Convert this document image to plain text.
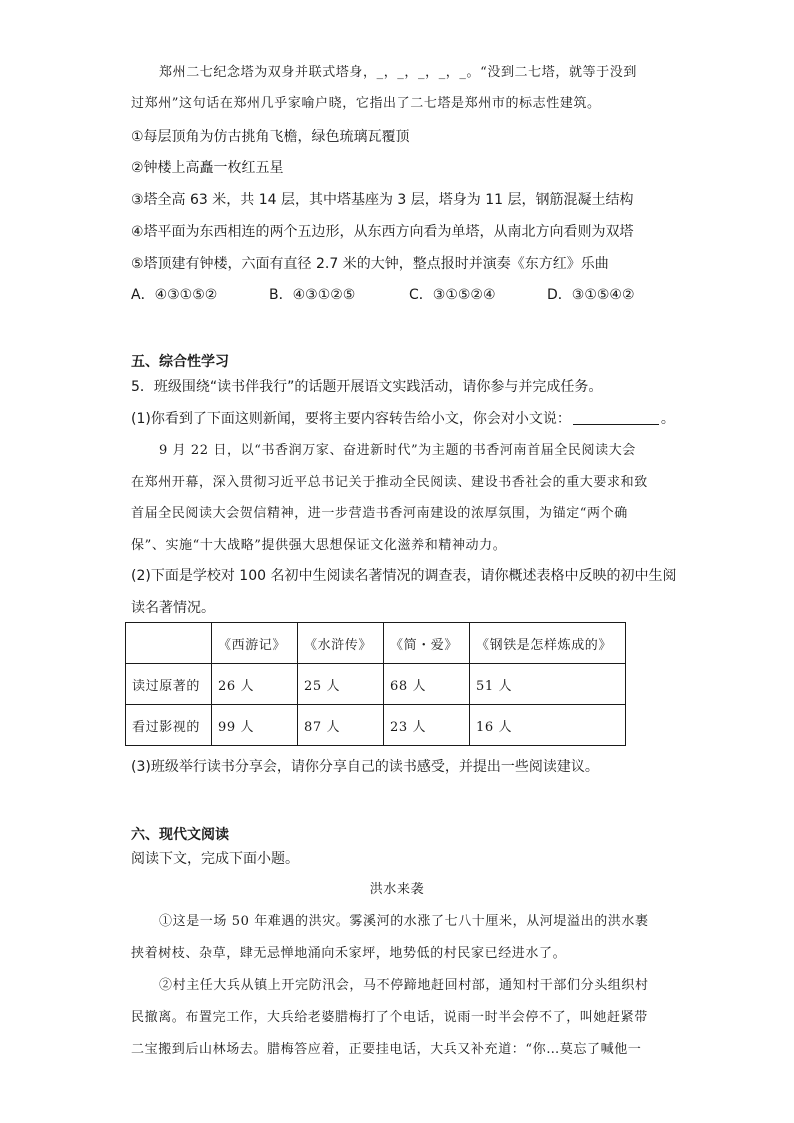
郑州二七纪念塔为双身并联式塔身，_，_，_，_，_。“没到二七塔，就等于没到
过郑州”这句话在郑州几乎家喻户晓，它指出了二七塔是郑州市的标志性建筑。
①每层顶角为仿古挑角飞檐，绿色琉璃瓦覆顶
②钟楼上高矗一枚红五星
③塔全高 63 米，共 14 层，其中塔基座为 3 层，塔身为 11 层，钢筋混凝土结构
④塔平面为东西相连的两个五边形，从东西方向看为单塔，从南北方向看则为双塔
⑤塔顶建有钟楼，六面有直径 2.7 米的大钟，整点报时并演奏《东方红》乐曲
A．④③①⑤②	B．④③①②⑤	C．③①⑤②④	D．③①⑤④②
五、综合性学习
5．班级围绕“读书伴我行”的话题开展语文实践活动，请你参与并完成任务。
(1)你看到了下面这则新闻，要将主要内容转告给小文，你会对小文说：	。
9 月 22 日，以“书香润万家、奋进新时代”为主题的书香河南首届全民阅读大会
在郑州开幕，深入贯彻习近平总书记关于推动全民阅读、建设书香社会的重大要求和致
首届全民阅读大会贺信精神，进一步营造书香河南建设的浓厚氛围，为锚定“两个确
保”、实施“十大战略”提供强大思想保证文化滋养和精神动力。
(2)下面是学校对 100 名初中生阅读名著情况的调查表，请你概述表格中反映的初中生阅
读名著情况。
	《西游记》	《水浒传》	《简・爱》	《钢铁是怎样炼成的》
读过原著的	26 人	25 人	68 人	51 人
看过影视的	99 人	87 人	23 人	16 人
(3)班级举行读书分享会，请你分享自己的读书感受，并提出一些阅读建议。
六、现代文阅读
阅读下文，完成下面小题。
洪水来袭
①这是一场 50 年难遇的洪灾。雾溪河的水涨了七八十厘米，从河堤溢出的洪水裹
挟着树枝、杂草，肆无忌惮地涌向禾家坪，地势低的村民家已经进水了。
②村主任大兵从镇上开完防汛会，马不停蹄地赶回村部，通知村干部们分头组织村
民撤离。布置完工作，大兵给老婆腊梅打了个电话，说雨一时半会停不了，叫她赶紧带
二宝搬到后山林场去。腊梅答应着，正要挂电话，大兵又补充道：“你…莫忘了喊他一
